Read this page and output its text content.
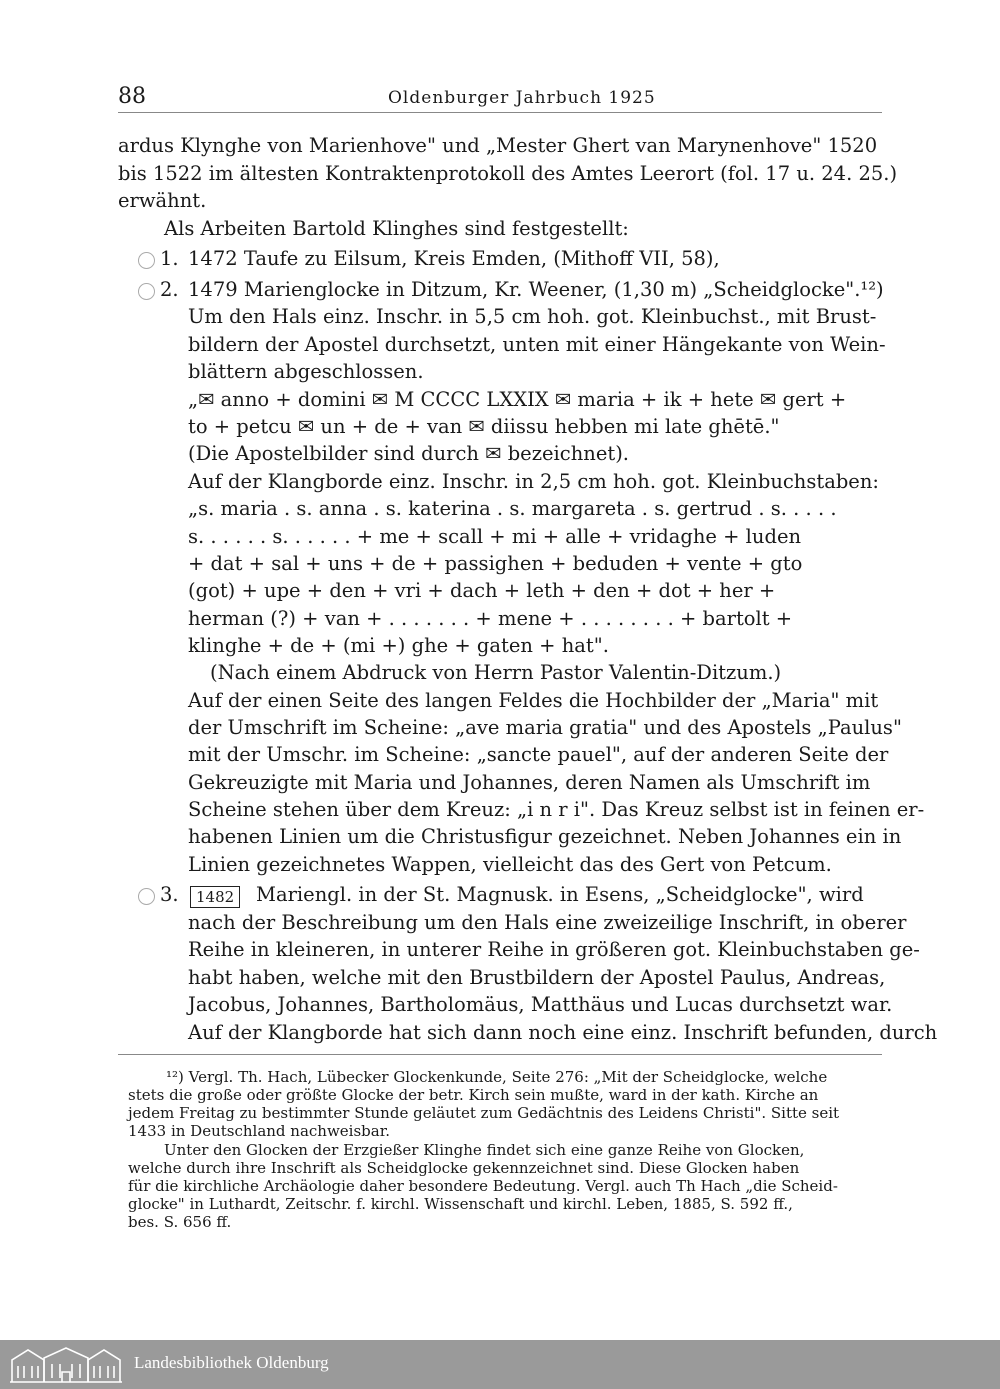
88	Oldenburger Jahrbuch 1925
ardus Klynghe von Marienhove" und „Mester Ghert van Marynenhove" 1520
bis 1522 im ältesten Kontraktenprotokoll des Amtes Leerort (fol. 17 u. 24. 25.)
erwähnt.
Als Arbeiten Bartold Klinghes sind festgestellt:
1. 1472 Taufe zu Eilsum, Kreis Emden, (Mithoff VII, 58),
2. 1479 Marienglocke in Ditzum, Kr. Weener, (1,30 m) „Scheidglocke".¹²)
Um den Hals einz. Inschr. in 5,5 cm hoh. got. Kleinbuchst., mit Brust-
bildern der Apostel durchsetzt, unten mit einer Hängekante von Wein-
blättern abgeschlossen.
„✉ anno + domini ✉ M CCCC LXXIX ✉ maria + ik + hete ✉ gert +
to + petcu ✉ un + de + van ✉ diissu hebben mi late ghētē."
(Die Apostelbilder sind durch ✉ bezeichnet).
Auf der Klangborde einz. Inschr. in 2,5 cm hoh. got. Kleinbuchstaben:
„s. maria . s. anna . s. katerina . s. margareta . s. gertrud . s. . . . .
s. . . . . . s. . . . . . + me + scall + mi + alle + vridaghe + luden
+ dat + sal + uns + de + passighen + beduden + vente + gto
(got) + upe + den + vri + dach + leth + den + dot + her +
herman (?) + van + . . . . . . . + mene + . . . . . . . . + bartolt +
klinghe + de + (mi +) ghe + gaten + hat".
(Nach einem Abdruck von Herrn Pastor Valentin-Ditzum.)
Auf der einen Seite des langen Feldes die Hochbilder der „Maria" mit
der Umschrift im Scheine: „ave maria gratia" und des Apostels „Paulus"
mit der Umschr. im Scheine: „sancte pauel", auf der anderen Seite der
Gekreuzigte mit Maria und Johannes, deren Namen als Umschrift im
Scheine stehen über dem Kreuz: „i n r i". Das Kreuz selbst ist in feinen er-
habenen Linien um die Christusfigur gezeichnet. Neben Johannes ein in
Linien gezeichnetes Wappen, vielleicht das des Gert von Petcum.
3.	1482	Mariengl. in der St. Magnusk. in Esens, „Scheidglocke", wird
nach der Beschreibung um den Hals eine zweizeilige Inschrift, in oberer
Reihe in kleineren, in unterer Reihe in größeren got. Kleinbuchstaben ge-
habt haben, welche mit den Brustbildern der Apostel Paulus, Andreas,
Jacobus, Johannes, Bartholomäus, Matthäus und Lucas durchsetzt war.
Auf der Klangborde hat sich dann noch eine einz. Inschrift befunden, durch
¹²) Vergl. Th. Hach, Lübecker Glockenkunde, Seite 276: „Mit der Scheidglocke, welche
stets die große oder größte Glocke der betr. Kirch sein mußte, ward in der kath. Kirche an
jedem Freitag zu bestimmter Stunde geläutet zum Gedächtnis des Leidens Christi". Sitte seit
1433 in Deutschland nachweisbar.
Unter den Glocken der Erzgießer Klinghe findet sich eine ganze Reihe von Glocken,
welche durch ihre Inschrift als Scheidglocke gekennzeichnet sind. Diese Glocken haben
für die kirchliche Archäologie daher besondere Bedeutung. Vergl. auch Th Hach „die Scheid-
glocke" in Luthardt, Zeitschr. f. kirchl. Wissenschaft und kirchl. Leben, 1885, S. 592 ff.,
bes. S. 656 ff.
Landesbibliothek Oldenburg
